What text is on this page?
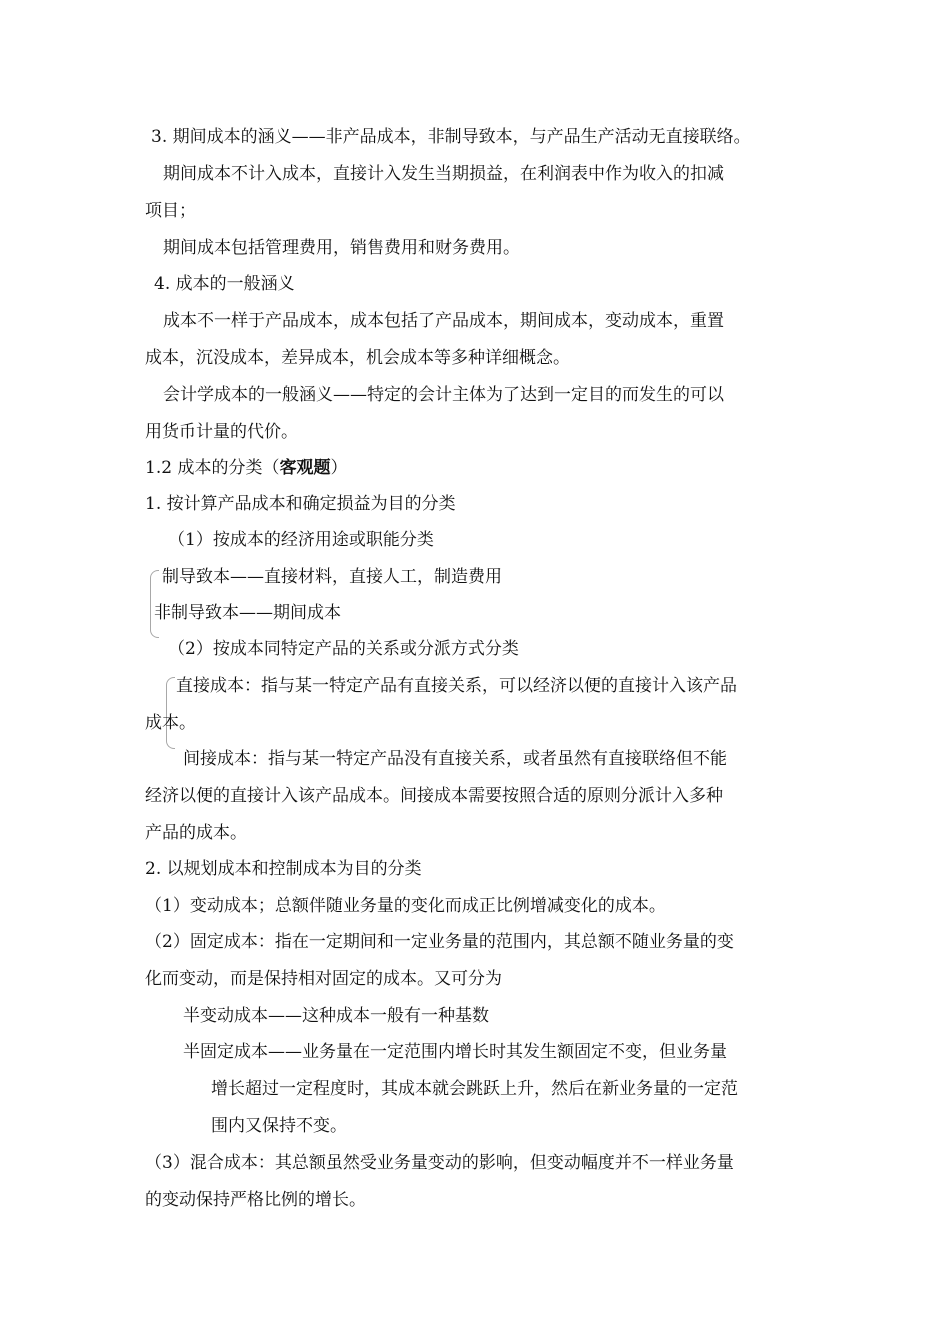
3. 期间成本的涵义——非产品成本，非制导致本，与产品生产活动无直接联络。
期间成本不计入成本，直接计入发生当期损益，在利润表中作为收入的扣减
项目；
期间成本包括管理费用，销售费用和财务费用。
4. 成本的一般涵义
成本不一样于产品成本，成本包括了产品成本，期间成本，变动成本，重置
成本，沉没成本，差异成本，机会成本等多种详细概念。
会计学成本的一般涵义——特定的会计主体为了达到一定目的而发生的可以
用货币计量的代价。
1.2 成本的分类（客观题）
1. 按计算产品成本和确定损益为目的分类
（1）按成本的经济用途或职能分类
制导致本——直接材料，直接人工，制造费用
非制导致本——期间成本
（2）按成本同特定产品的关系或分派方式分类
直接成本：指与某一特定产品有直接关系，可以经济以便的直接计入该产品
成本。
间接成本：指与某一特定产品没有直接关系，或者虽然有直接联络但不能
经济以便的直接计入该产品成本。间接成本需要按照合适的原则分派计入多种
产品的成本。
2. 以规划成本和控制成本为目的分类
（1）变动成本；总额伴随业务量的变化而成正比例增减变化的成本。
（2）固定成本：指在一定期间和一定业务量的范围内，其总额不随业务量的变
化而变动，而是保持相对固定的成本。又可分为
半变动成本——这种成本一般有一种基数
半固定成本——业务量在一定范围内增长时其发生额固定不变，但业务量
增长超过一定程度时，其成本就会跳跃上升，然后在新业务量的一定范
围内又保持不变。
（3）混合成本：其总额虽然受业务量变动的影响，但变动幅度并不一样业务量
的变动保持严格比例的增长。
